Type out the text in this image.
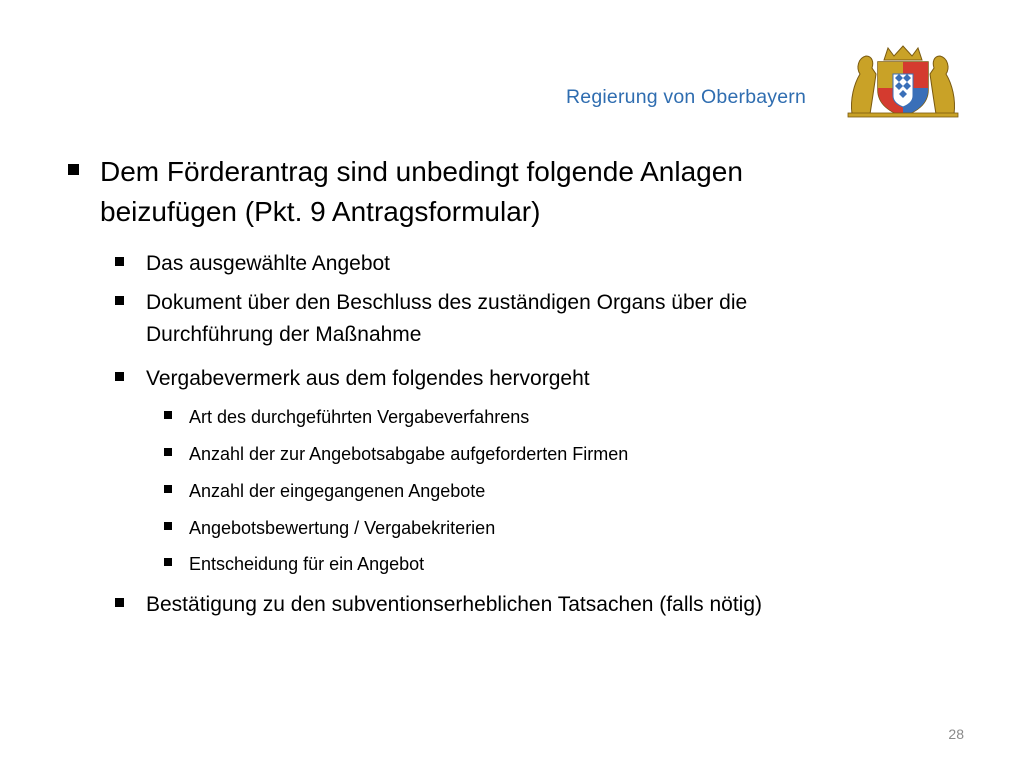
Regierung von Oberbayern
Dem Förderantrag sind unbedingt folgende Anlagen
beizufügen (Pkt. 9 Antragsformular)
Das ausgewählte Angebot
Dokument über den Beschluss des zuständigen Organs über die
Durchführung der Maßnahme
Vergabevermerk aus dem folgendes hervorgeht
Art des durchgeführten Vergabeverfahrens
Anzahl der zur Angebotsabgabe aufgeforderten Firmen
Anzahl der eingegangenen Angebote
Angebotsbewertung / Vergabekriterien
Entscheidung für ein Angebot
Bestätigung zu den subventionserheblichen Tatsachen (falls nötig)
28
